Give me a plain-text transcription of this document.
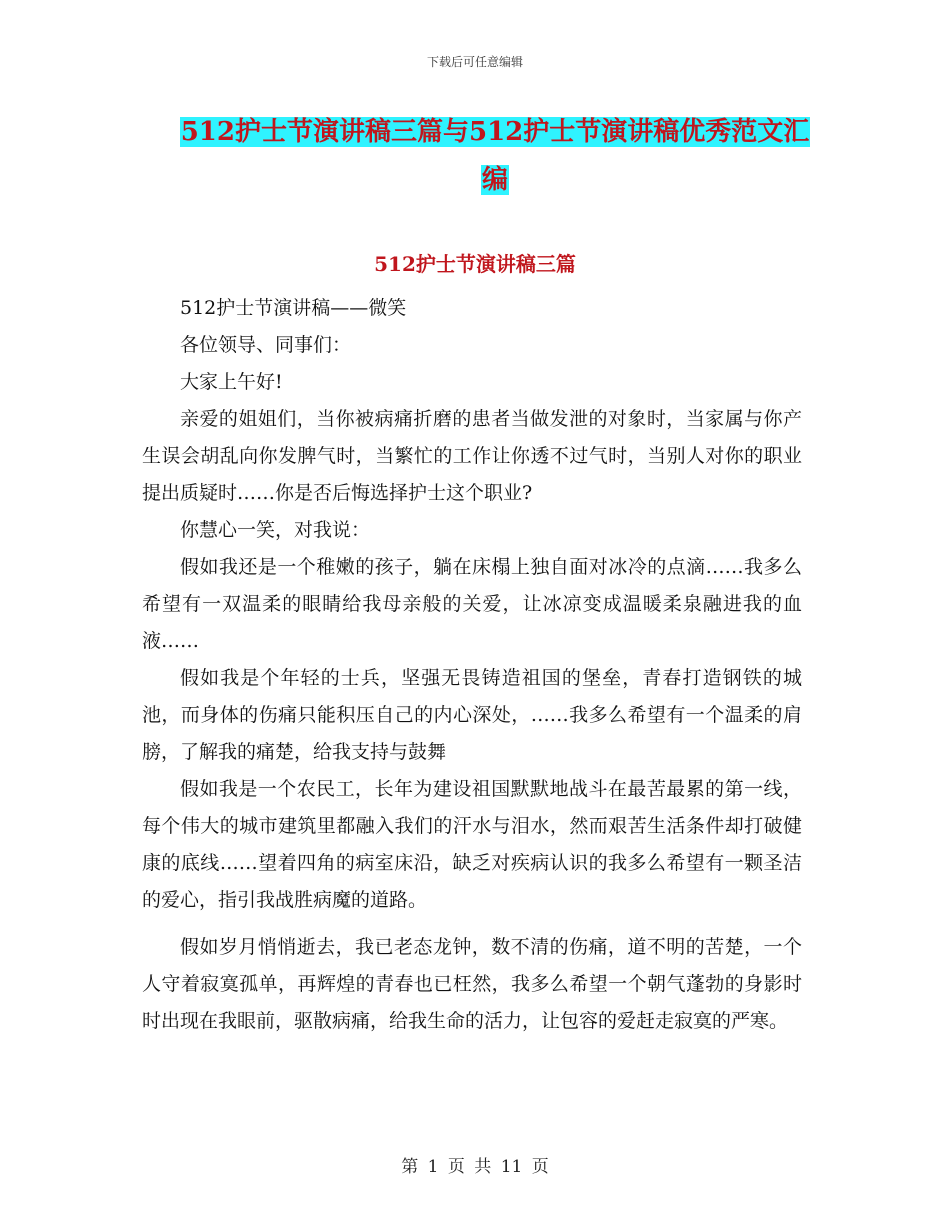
下载后可任意编辑
512护士节演讲稿三篇与512护士节演讲稿优秀范文汇
编
512护士节演讲稿三篇

512护士节演讲稿——微笑

各位领导、同事们：

大家上午好!

亲爱的姐姐们，当你被病痛折磨的患者当做发泄的对象时，当家属与你产生误会胡乱向你发脾气时，当繁忙的工作让你透不过气时，当别人对你的职业提出质疑时……你是否后悔选择护士这个职业?

你慧心一笑，对我说：

假如我还是一个稚嫩的孩子，躺在床榻上独自面对冰冷的点滴……我多么希望有一双温柔的眼睛给我母亲般的关爱，让冰凉变成温暖柔泉融进我的血液……

假如我是个年轻的士兵，坚强无畏铸造祖国的堡垒，青春打造钢铁的城池，而身体的伤痛只能积压自己的内心深处，……我多么希望有一个温柔的肩膀，了解我的痛楚，给我支持与鼓舞

假如我是一个农民工，长年为建设祖国默默地战斗在最苦最累的第一线，每个伟大的城市建筑里都融入我们的汗水与泪水，然而艰苦生活条件却打破健康的底线……望着四角的病室床沿，缺乏对疾病认识的我多么希望有一颗圣洁的爱心，指引我战胜病魔的道路。

假如岁月悄悄逝去，我已老态龙钟，数不清的伤痛，道不明的苦楚，一个人守着寂寞孤单，再辉煌的青春也已枉然，我多么希望一个朝气蓬勃的身影时时出现在我眼前，驱散病痛，给我生命的活力，让包容的爱赶走寂寞的严寒。

第 1 页 共 11 页
